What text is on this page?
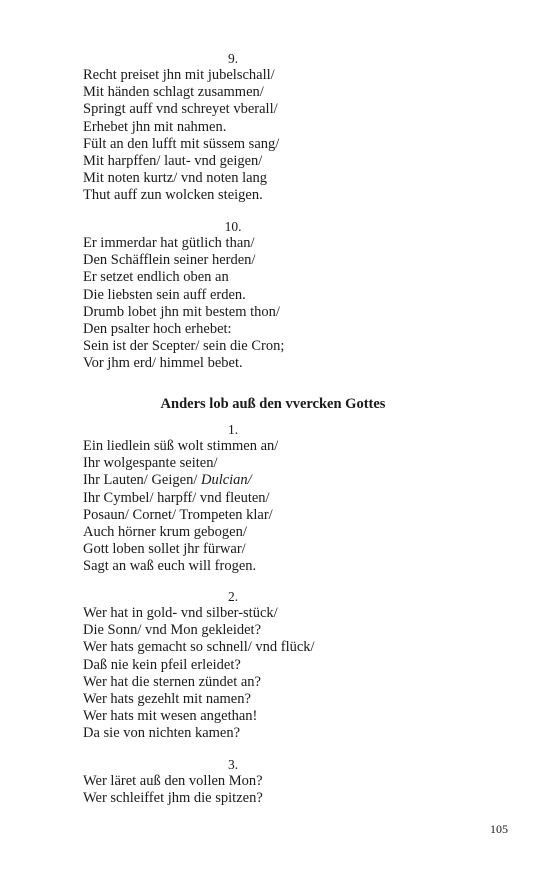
9.

Recht preiset jhn mit jubelschall/

Mit händen schlagt zusammen/

Springt auff vnd schreyet vberall/

Erhebet jhn mit nahmen.

Fült an den lufft mit süssem sang/

Mit harpffen/ laut- vnd geigen/

Mit noten kurtz/ vnd noten lang

Thut auff zun wolcken steigen.

10.

Er immerdar hat gütlich than/

Den Schäfflein seiner herden/

Er setzet endlich oben an

Die liebsten sein auff erden.

Drumb lobet jhn mit bestem thon/

Den psalter hoch erhebet:

Sein ist der Scepter/ sein die Cron;

Vor jhm erd/ himmel bebet.

Anders lob auß den vvercken Gottes

1.

Ein liedlein süß wolt stimmen an/

Ihr wolgespante seiten/

Ihr Lauten/ Geigen/ Dulcian/

Ihr Cymbel/ harpff/ vnd fleuten/

Posaun/ Cornet/ Trompeten klar/

Auch hörner krum gebogen/

Gott loben sollet jhr fürwar/

Sagt an waß euch will frogen.

2.

Wer hat in gold- vnd silber-stück/

Die Sonn/ vnd Mon gekleidet?

Wer hats gemacht so schnell/ vnd flück/

Daß nie kein pfeil erleidet?

Wer hat die sternen zündet an?

Wer hats gezehlt mit namen?

Wer hats mit wesen angethan!

Da sie von nichten kamen?

3.

Wer läret auß den vollen Mon?

Wer schleiffet jhm die spitzen?

105
